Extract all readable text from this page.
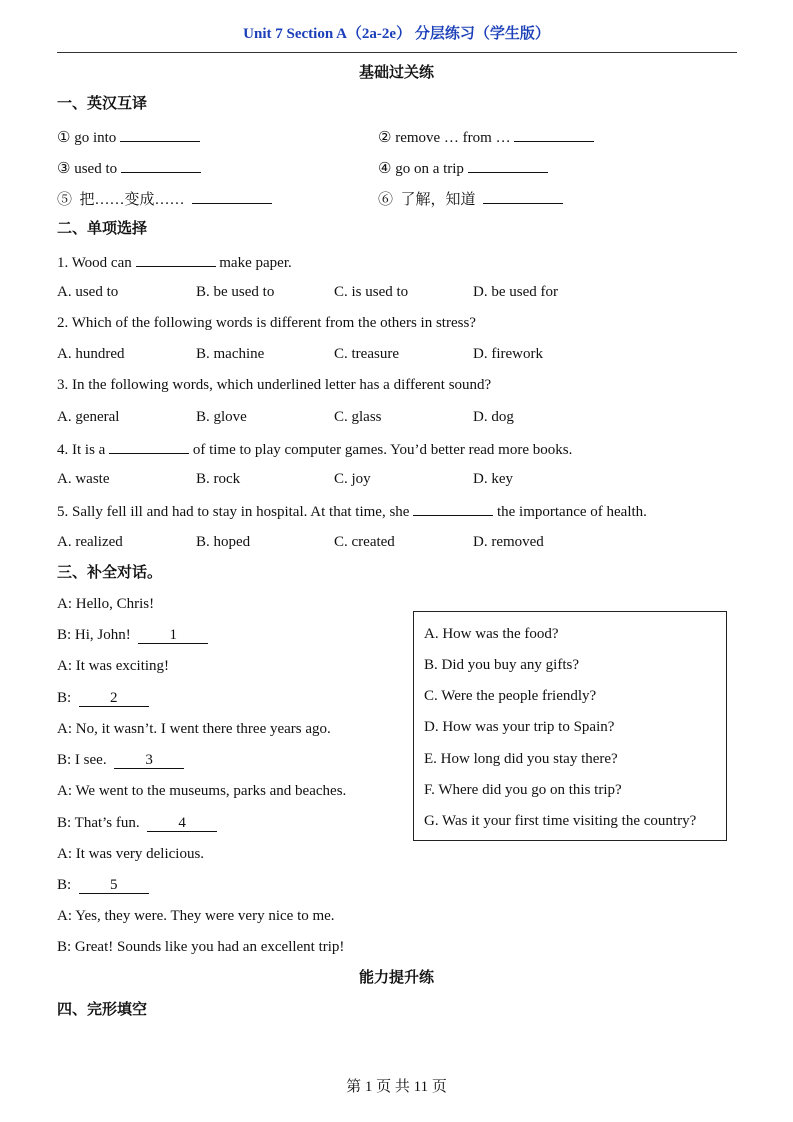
Unit 7 Section A（2a-2e） 分层练习（学生版）
基础过关练
一、英汉互译
① go into	② remove … from …
③ used to	④ go on a trip
⑤  把……变成……	⑥  了解，知道
二、单项选择
1. Wood can	make paper.
A. used to	B. be used to	C. is used to	D. be used for
2. Which of the following words is different from the others in stress?
A. hundred	B. machine	C. treasure	D. firework
3. In the following words, which underlined letter has a different sound?
A. general	B. glove	C. glass	D. dog
4. It is a	of time to play computer games. You’d better read more books.
A. waste	B. rock	C. joy	D. key
5. Sally fell ill and had to stay in hospital. At that time, she	the importance of health.
A. realized	B. hoped	C. created	D. removed
三、补全对话。
A: Hello, Chris!
B: Hi, John!	1
A: It was exciting!
B:	2
A: No, it wasn’t. I went there three years ago.
B: I see.	3
A: We went to the museums, parks and beaches.
B: That’s fun.	4
A: It was very delicious.
B:	5
A: Yes, they were. They were very nice to me.
B: Great! Sounds like you had an excellent trip!
A. How was the food?
B. Did you buy any gifts?
C. Were the people friendly?
D. How was your trip to Spain?
E. How long did you stay there?
F. Where did you go on this trip?
G. Was it your first time visiting the country?
能力提升练
四、完形填空
第 1 页 共 11 页
